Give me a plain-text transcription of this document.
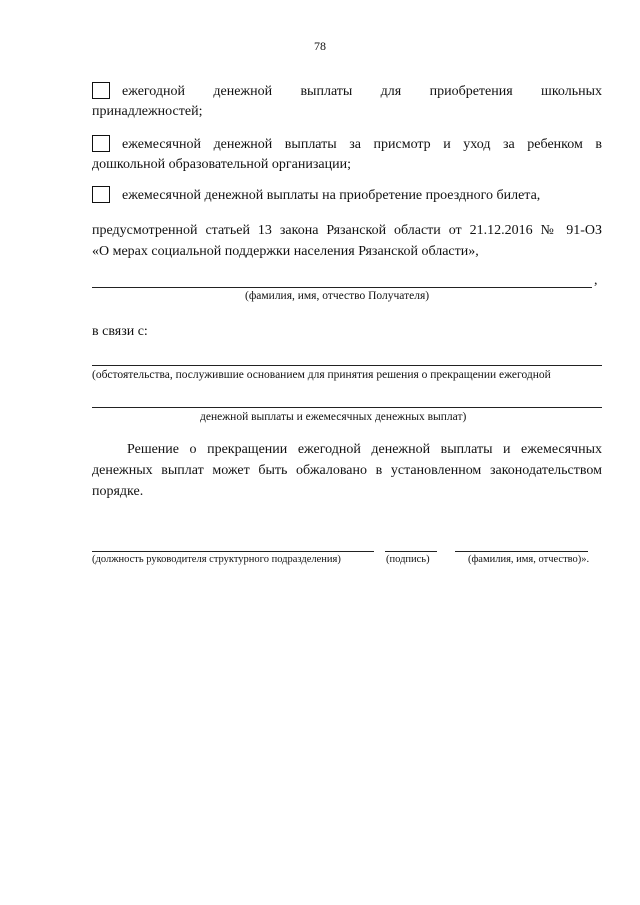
78
ежегодной денежной выплаты для приобретения школьных
принадлежностей;
ежемесячной денежной выплаты за присмотр и уход за ребенком в
дошкольной образовательной организации;
ежемесячной денежной выплаты на приобретение проездного билета,
предусмотренной статьей 13 закона Рязанской области от 21.12.2016 № 91-ОЗ
«О мерах социальной поддержки населения Рязанской области»,
,
(фамилия, имя, отчество Получателя)
в связи с:
(обстоятельства, послужившие основанием для принятия решения о прекращении ежегодной
денежной выплаты и ежемесячных денежных выплат)
Решение о прекращении ежегодной денежной выплаты и ежемесячных
денежных выплат может быть обжаловано в установленном законодательством
порядке.
(должность руководителя структурного подразделения)	(подпись)	(фамилия, имя, отчество)».
